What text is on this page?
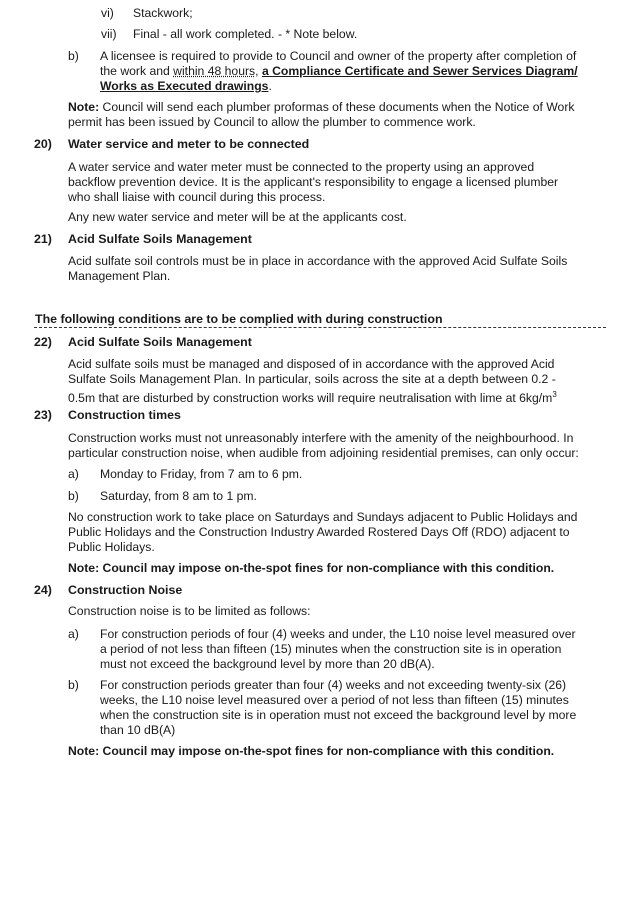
vi) Stackwork;
vii) Final - all work completed. - * Note below.
b) A licensee is required to provide to Council and owner of the property after completion of
the work and within 48 hours, a Compliance Certificate and Sewer Services Diagram/
Works as Executed drawings.
Note: Council will send each plumber proformas of these documents when the Notice of Work
permit has been issued by Council to allow the plumber to commence work.
20) Water service and meter to be connected
A water service and water meter must be connected to the property using an approved
backflow prevention device. It is the applicant's responsibility to engage a licensed plumber
who shall liaise with council during this process.
Any new water service and meter will be at the applicants cost.
21) Acid Sulfate Soils Management
Acid sulfate soil controls must be in place in accordance with the approved Acid Sulfate Soils
Management Plan.
The following conditions are to be complied with during construction
22) Acid Sulfate Soils Management
Acid sulfate soils must be managed and disposed of in accordance with the approved Acid
Sulfate Soils Management Plan. In particular, soils across the site at a depth between 0.2 -
0.5m that are disturbed by construction works will require neutralisation with lime at $6kg/m^3$
23) Construction times
Construction works must not unreasonably interfere with the amenity of the neighbourhood. In
particular construction noise, when audible from adjoining residential premises, can only occur:
a) Monday to Friday, from 7 am to 6 pm.
b) Saturday, from 8 am to 1 pm.
No construction work to take place on Saturdays and Sundays adjacent to Public Holidays and
Public Holidays and the Construction Industry Awarded Rostered Days Off (RDO) adjacent to
Public Holidays.
Note: Council may impose on-the-spot fines for non-compliance with this condition.
24) Construction Noise
Construction noise is to be limited as follows:
a) For construction periods of four (4) weeks and under, the L10 noise level measured over
a period of not less than fifteen (15) minutes when the construction site is in operation
must not exceed the background level by more than 20 dB(A).
b) For construction periods greater than four (4) weeks and not exceeding twenty-six (26)
weeks, the L10 noise level measured over a period of not less than fifteen (15) minutes
when the construction site is in operation must not exceed the background level by more
than 10 dB(A)
Note: Council may impose on-the-spot fines for non-compliance with this condition.
